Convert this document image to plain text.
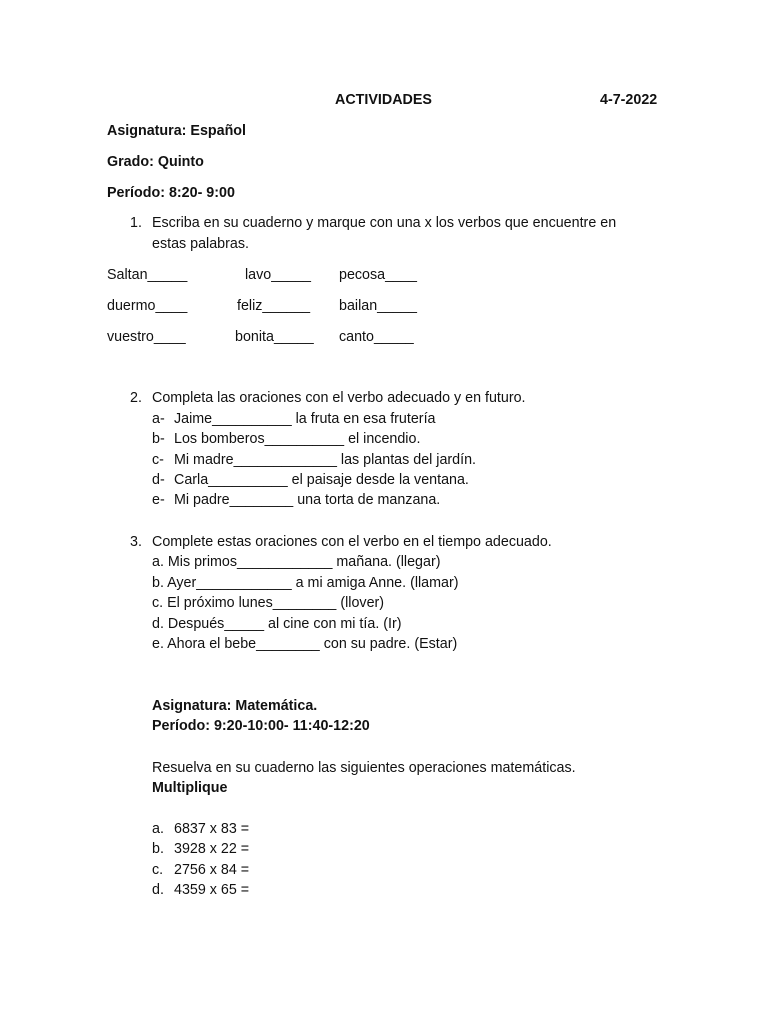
ACTIVIDADES	4-7-2022
Asignatura: Español
Grado: Quinto
Período: 8:20- 9:00
1. Escriba en su cuaderno y marque con una x los verbos que encuentre en
estas palabras.
Saltan_____	lavo_____ pecosa____
duermo____	feliz______ bailan_____
vuestro____	bonita_____ canto_____
2. Completa las oraciones con el verbo adecuado y en futuro.
a- Jaime__________ la fruta en esa frutería
b- Los bomberos__________ el incendio.
c- Mi madre_____________ las plantas del jardín.
d- Carla__________ el paisaje desde la ventana.
e- Mi padre________ una torta de manzana.
3. Complete estas oraciones con el verbo en el tiempo adecuado.
a. Mis primos____________ mañana. (llegar)
b. Ayer____________ a mi amiga Anne. (llamar)
c. El próximo lunes________ (llover)
d. Después_____ al cine con mi tía. (Ir)
e. Ahora el bebe________ con su padre. (Estar)
Asignatura: Matemática.
Período: 9:20-10:00- 11:40-12:20
Resuelva en su cuaderno las siguientes operaciones matemáticas.
Multiplique
a. 6837 x 83 =
b. 3928 x 22 =
c. 2756 x 84 =
d. 4359 x 65 =
